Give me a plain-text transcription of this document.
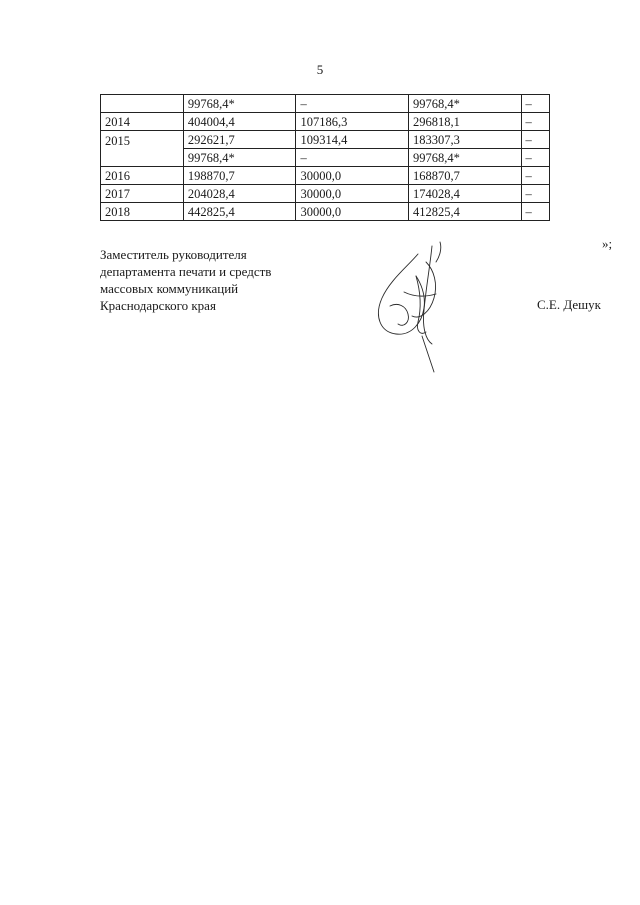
5
	99768,4*	–	99768,4*	–
2014	404004,4	107186,3	296818,1	–
2015	292621,7	109314,4	183307,3	–
	99768,4*	–	99768,4*	–
2016	198870,7	30000,0	168870,7	–
2017	204028,4	30000,0	174028,4	–
2018	442825,4	30000,0	412825,4	–
»;
Заместитель руководителя
департамента печати и средств
массовых коммуникаций
Краснодарского края	С.Е. Дешук
